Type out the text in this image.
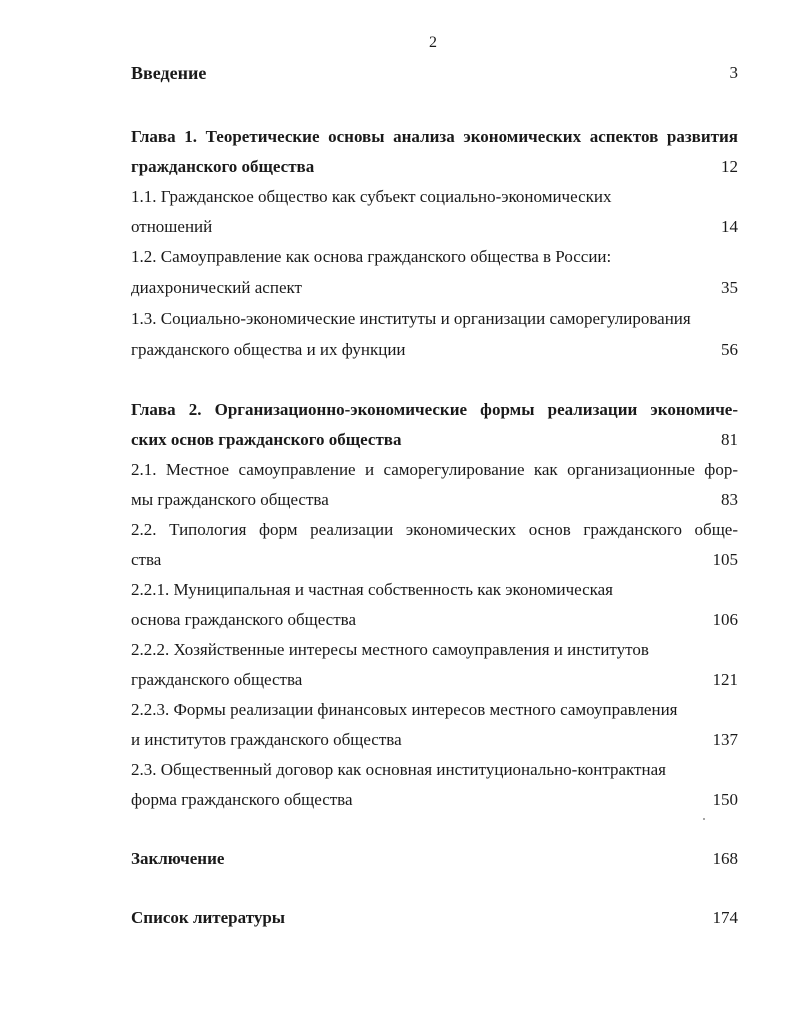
2
Введение	3
Глава 1. Теоретические основы анализа экономических аспектов развития
гражданского общества	12
1.1. Гражданское общество как субъект социально-экономических
отношений	14
1.2. Самоуправление как основа гражданского общества в России:
диахронический аспект	35
1.3. Социально-экономические институты и организации саморегулирования
гражданского общества и их функции	56
Глава 2. Организационно-экономические формы реализации экономиче-
ских основ гражданского общества	81
2.1. Местное самоуправление и саморегулирование как организационные фор-
мы гражданского общества	83
2.2. Типология форм реализации экономических основ гражданского обще-
ства	105
2.2.1. Муниципальная и частная собственность как экономическая
основа гражданского общества	106
2.2.2. Хозяйственные интересы местного самоуправления и институтов
гражданского общества	121
2.2.3. Формы реализации финансовых интересов местного самоуправления
и институтов гражданского общества	137
2.3. Общественный договор как основная институционально-контрактная
форма гражданского общества	150
Заключение	168
Список литературы	174
